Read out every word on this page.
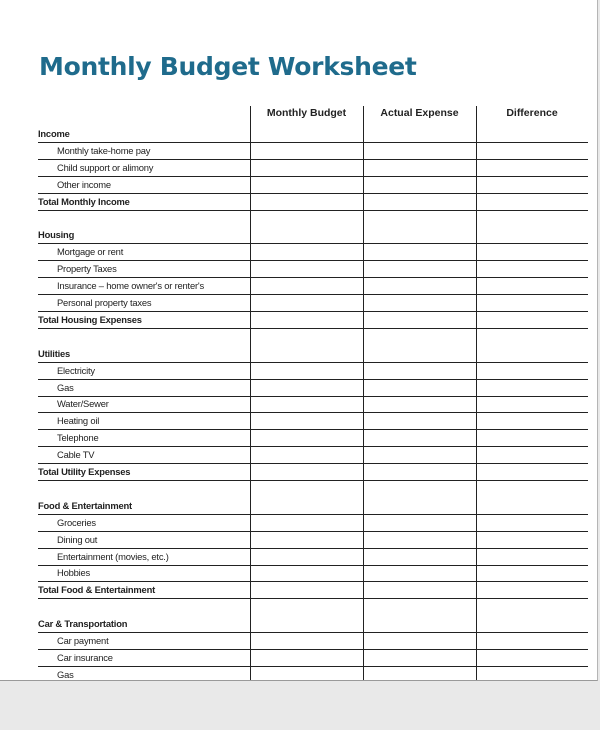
Monthly Budget Worksheet
Monthly Budget	Actual Expense	Difference
Income
Monthly take-home pay
Child support or alimony
Other income
Total Monthly Income
Housing
Mortgage or rent
Property Taxes
Insurance – home owner's or renter's
Personal property taxes
Total Housing Expenses
Utilities
Electricity
Gas
Water/Sewer
Heating oil
Telephone
Cable TV
Total Utility Expenses
Food & Entertainment
Groceries
Dining out
Entertainment (movies, etc.)
Hobbies
Total Food & Entertainment
Car & Transportation
Car payment
Car insurance
Gas
